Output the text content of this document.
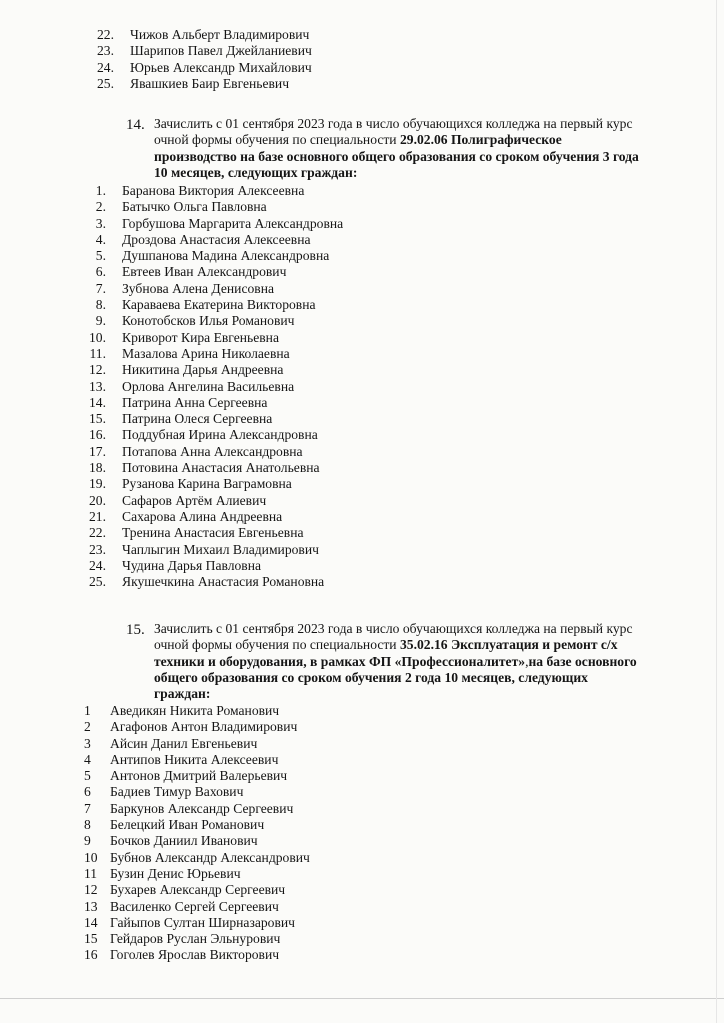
22. Чижов Альберт Владимирович
23. Шарипов Павел Джейланиевич
24. Юрьев Александр Михайлович
25. Явашкиев Баир Евгеньевич
14. Зачислить с 01 сентября 2023 года в число обучающихся колледжа на первый курс

очной формы обучения по специальности 29.02.06 Полиграфическое

производство на базе основного общего образования со сроком обучения 3 года

10 месяцев, следующих граждан:

1. Баранова Виктория Алексеевна
2. Батычко Ольга Павловна
3. Горбушова Маргарита Александровна
4. Дроздова Анастасия Алексеевна
5. Душпанова Мадина Александровна
6. Евтеев Иван Александрович
7. Зубнова Алена Денисовна
8. Караваева Екатерина Викторовна
9. Конотобсков Илья Романович
10. Криворот Кира Евгеньевна
11. Мазалова Арина Николаевна
12. Никитина Дарья Андреевна
13. Орлова Ангелина Васильевна
14. Патрина Анна Сергеевна
15. Патрина Олеся Сергеевна
16. Поддубная Ирина Александровна
17. Потапова Анна Александровна
18. Потовина Анастасия Анатольевна
19. Рузанова Карина Ваграмовна
20. Сафаров Артём Алиевич
21. Сахарова Алина Андреевна
22. Тренина Анастасия Евгеньевна
23. Чаплыгин Михаил Владимирович
24. Чудина Дарья Павловна
25. Якушечкина Анастасия Романовна
15. Зачислить с 01 сентября 2023 года в число обучающихся колледжа на первый курс

очной формы обучения по специальности 35.02.16 Эксплуатация и ремонт с/х

техники и оборудования, в рамках ФП «Профессионалитет»,на базе основного

общего образования со сроком обучения 2 года 10 месяцев, следующих

граждан:

1	Аведикян Никита Романович
2	Агафонов Антон Владимирович
3	Айсин Данил Евгеньевич
4	Антипов Никита Алексеевич
5	Антонов Дмитрий Валерьевич
6	Бадиев Тимур Вахович
7	Баркунов Александр Сергеевич
8	Белецкий Иван Романович
9	Бочков Даниил Иванович
10 Бубнов Александр Александрович
11 Бузин Денис Юрьевич
12 Бухарев Александр Сергеевич
13 Василенко Сергей Сергеевич
14 Гайыпов Султан Ширназарович
15 Гейдаров Руслан Эльнурович
16 Гоголев Ярослав Викторович
